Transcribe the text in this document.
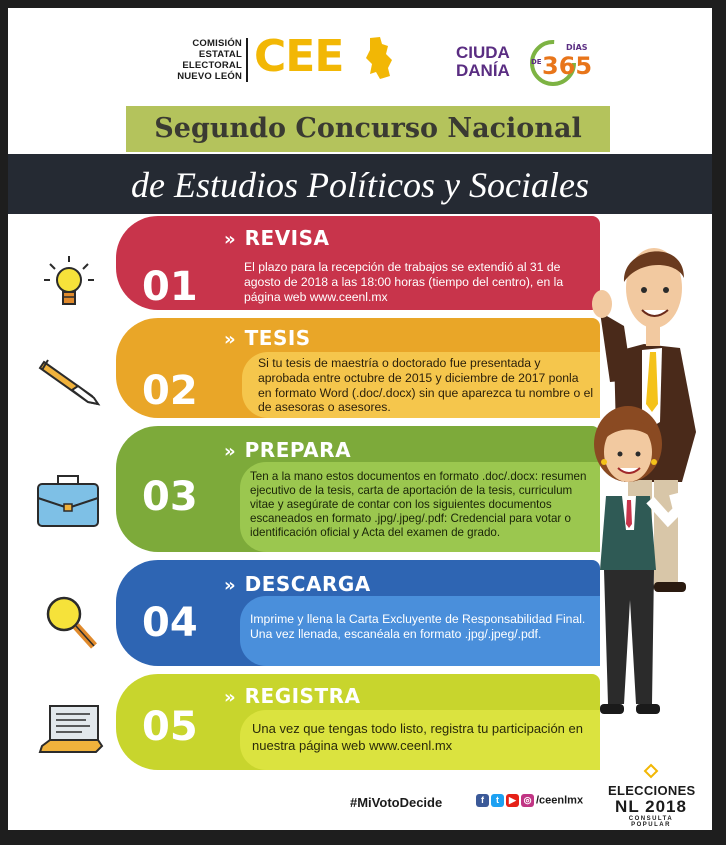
COMISIÓN
ESTATAL
ELECTORAL
NUEVO LEÓN CEE	CIUDA
DANÍA 365
DÍAS
DE
Segundo Concurso Nacional
de Estudios Políticos y Sociales
01
» REVISA
El plazo para la recepción de trabajos se extendió al 31 de agosto de 2018 a las 18:00 horas (tiempo del centro), en la página web www.ceenl.mx
02
» TESIS
Si tu tesis de maestría o doctorado fue presentada y aprobada entre octubre de 2015 y diciembre de 2017 ponla en formato Word (.doc/.docx) sin que aparezca tu nombre o el de asesoras o asesores.
03
» PREPARA
Ten a la mano estos documentos en formato .doc/.docx: resumen ejecutivo de la tesis, carta de aportación de la tesis, curriculum vitae y asegúrate de contar con los siguientes documentos escaneados en formato .jpg/.jpeg/.pdf: Credencial para votar o identificación oficial y Acta del examen de grado.
04
» DESCARGA
Imprime y llena la Carta Excluyente de Responsabilidad Final. Una vez llenada, escanéala en formato .jpg/.jpeg/.pdf.
05
» REGISTRA
Una vez que tengas todo listo, registra tu participación en nuestra página web www.ceenl.mx
#MiVotoDecide	f t ▶ ◎ /ceenlmx
ELECCIONES
NL 2018
CONSULTA POPULAR
